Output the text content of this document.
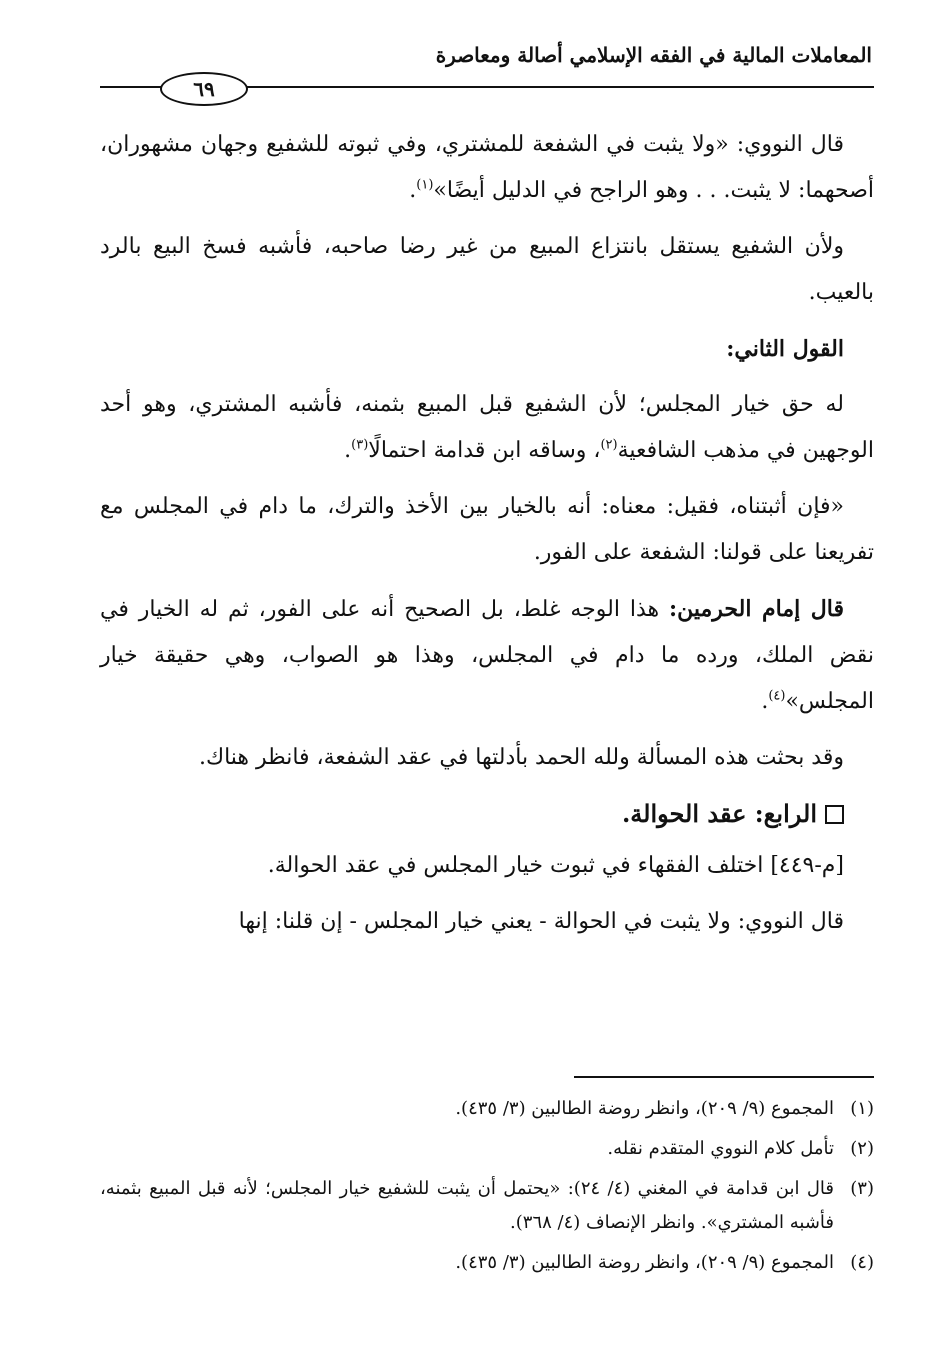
المعاملات المالية في الفقه الإسلامي أصالة ومعاصرة
٦٩

قال النووي: «ولا يثبت في الشفعة للمشتري، وفي ثبوته للشفيع وجهان مشهوران، أصحهما: لا يثبت. . . وهو الراجح في الدليل أيضًا»$^{(١)}$.

ولأن الشفيع يستقل بانتزاع المبيع من غير رضا صاحبه، فأشبه فسخ البيع بالرد بالعيب.

القول الثاني:

له حق خيار المجلس؛ لأن الشفيع قبل المبيع بثمنه، فأشبه المشتري، وهو أحد الوجهين في مذهب الشافعية$^{(٢)}$، وساقه ابن قدامة احتمالًا$^{(٣)}$.

«فإن أثبتناه، فقيل: معناه: أنه بالخيار بين الأخذ والترك، ما دام في المجلس مع تفريعنا على قولنا: الشفعة على الفور.

قال إمام الحرمين: هذا الوجه غلط، بل الصحيح أنه على الفور، ثم له الخيار في نقض الملك، ورده ما دام في المجلس، وهذا هو الصواب، وهي حقيقة خيار المجلس»$^{(٤)}$.

وقد بحثت هذه المسألة ولله الحمد بأدلتها في عقد الشفعة، فانظر هناك.

الرابع: عقد الحوالة.

[م-٤٤٩] اختلف الفقهاء في ثبوت خيار المجلس في عقد الحوالة.

قال النووي: ولا يثبت في الحوالة - يعني خيار المجلس - إن قلنا: إنها

(١)
المجموع (٩/ ٢٠٩)، وانظر روضة الطالبين (٣/ ٤٣٥).
(٢)
تأمل كلام النووي المتقدم نقله.
(٣)
قال ابن قدامة في المغني (٤/ ٢٤): «يحتمل أن يثبت للشفيع خيار المجلس؛ لأنه قبل المبيع بثمنه، فأشبه المشتري». وانظر الإنصاف (٤/ ٣٦٨).
(٤)
المجموع (٩/ ٢٠٩)، وانظر روضة الطالبين (٣/ ٤٣٥).
